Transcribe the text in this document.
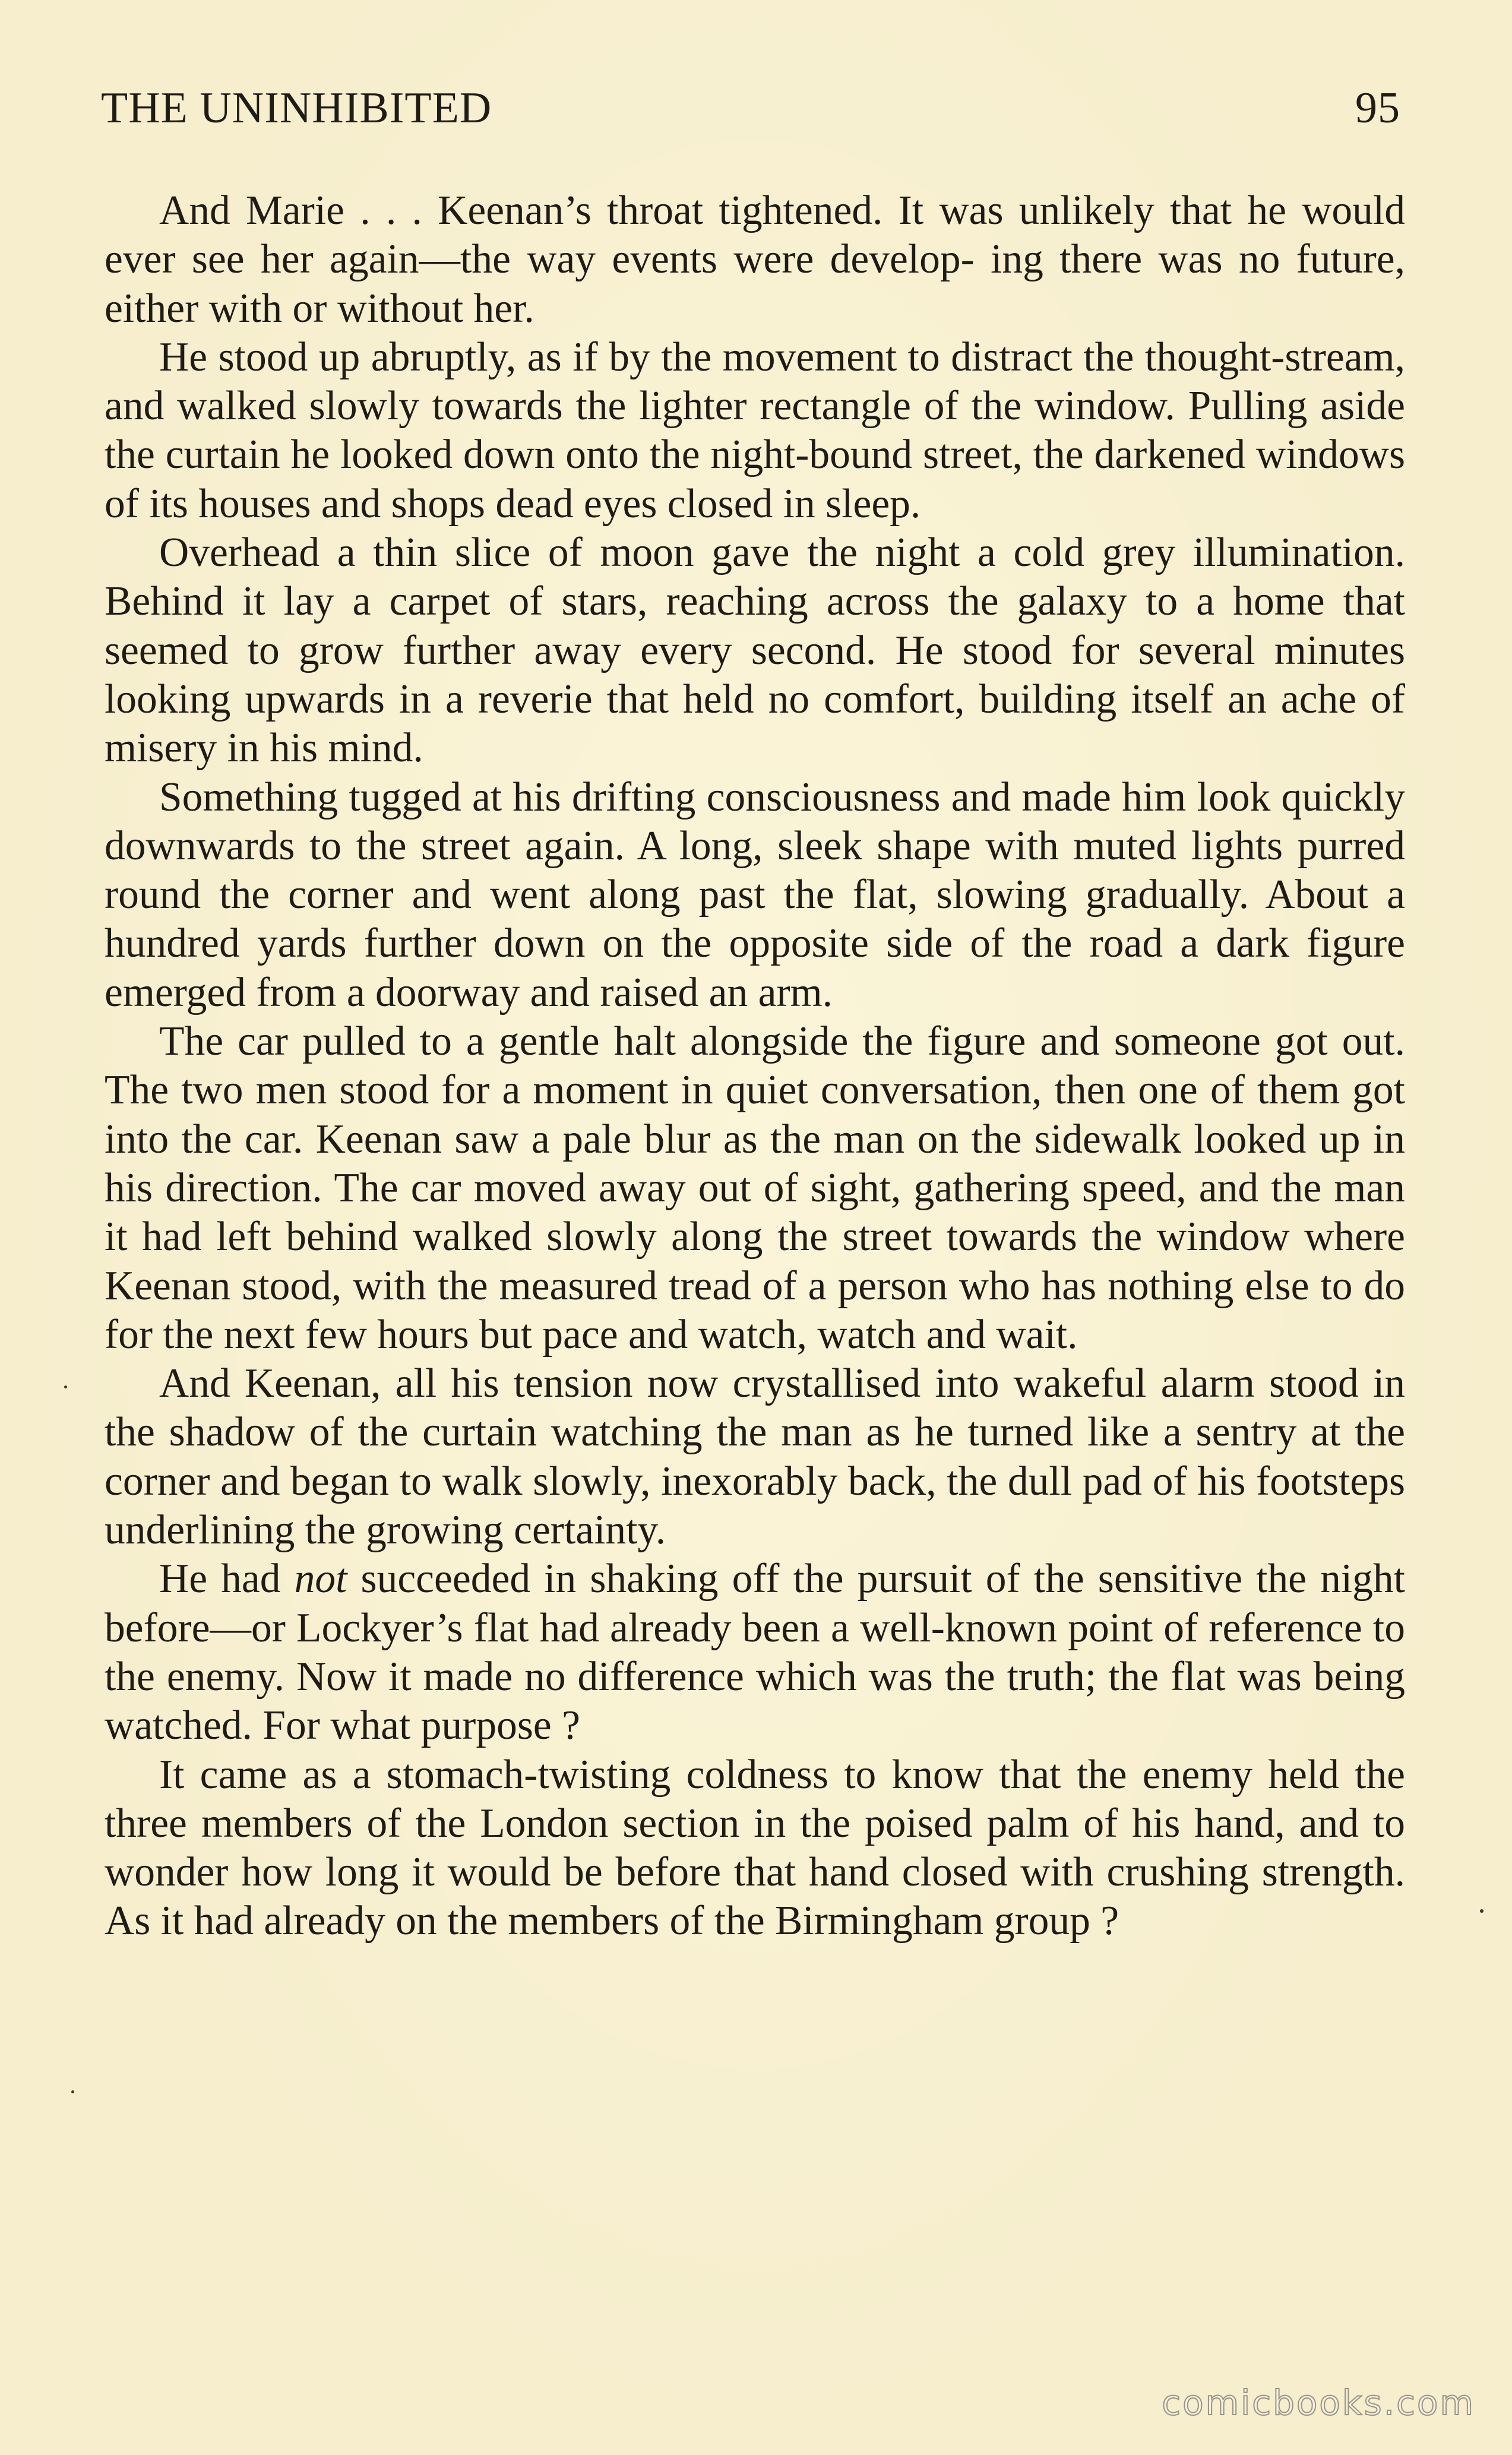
THE UNINHIBITED	95

And Marie . . . Keenan’s throat tightened. It was unlikely that he would ever see her again—the way events were develop- ing there was no future, either with or without her.

He stood up abruptly, as if by the movement to distract the thought-stream, and walked slowly towards the lighter rectangle of the window. Pulling aside the curtain he looked down onto the night-bound street, the darkened windows of its houses and shops dead eyes closed in sleep.

Overhead a thin slice of moon gave the night a cold grey illumination. Behind it lay a carpet of stars, reaching across the galaxy to a home that seemed to grow further away every second. He stood for several minutes looking upwards in a reverie that held no comfort, building itself an ache of misery in his mind.

Something tugged at his drifting consciousness and made him look quickly downwards to the street again. A long, sleek shape with muted lights purred round the corner and went along past the flat, slowing gradually. About a hundred yards further down on the opposite side of the road a dark figure emerged from a doorway and raised an arm.

The car pulled to a gentle halt alongside the figure and someone got out. The two men stood for a moment in quiet conversation, then one of them got into the car. Keenan saw a pale blur as the man on the sidewalk looked up in his direction. The car moved away out of sight, gathering speed, and the man it had left behind walked slowly along the street towards the window where Keenan stood, with the measured tread of a person who has nothing else to do for the next few hours but pace and watch, watch and wait.

And Keenan, all his tension now crystallised into wakeful alarm stood in the shadow of the curtain watching the man as he turned like a sentry at the corner and began to walk slowly, inexorably back, the dull pad of his footsteps underlining the growing certainty.

He had not succeeded in shaking off the pursuit of the sensitive the night before—or Lockyer’s flat had already been a well-known point of reference to the enemy. Now it made no difference which was the truth; the flat was being watched. For what purpose ?

It came as a stomach-twisting coldness to know that the enemy held the three members of the London section in the poised palm of his hand, and to wonder how long it would be before that hand closed with crushing strength. As it had already on the members of the Birmingham group ?

comicbooks.com
